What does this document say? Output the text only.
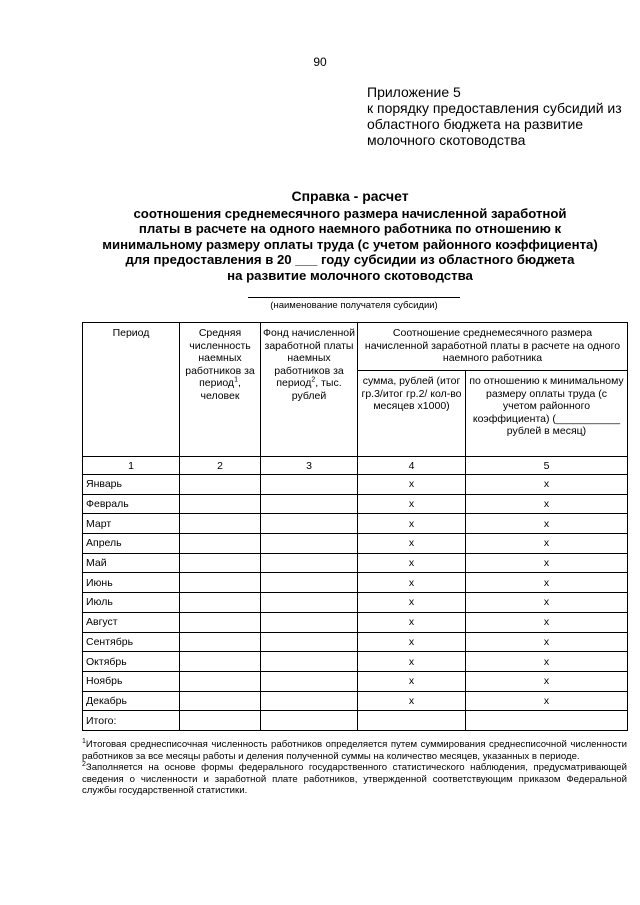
90
Приложение 5
к порядку предоставления субсидий из
областного бюджета на развитие
молочного скотоводства
Справка - расчет
соотношения среднемесячного размера начисленной заработной
платы в расчете на одного наемного работника по отношению к
минимальному размеру оплаты труда (с учетом районного коэффициента)
для предоставления в 20 ___ году субсидии из областного бюджета
на развитие молочного скотоводства
(наименование получателя субсидии)
Период	Средняя численность наемных работников за период$^1$, человек	Фонд начисленной заработной платы наемных работников за период$^2$, тыс. рублей	Соотношение среднемесячного размера начисленной заработной платы в расчете на одного наемного работника	
			сумма, рублей (итог гр.3/итог гр.2/ кол-во месяцев х1000)	по отношению к минимальному размеру оплаты труда (с учетом районного коэффициента) (___________ рублей в месяц)
1	2	3	4	5
Январь			х	х
Февраль			х	х
Март			х	х
Апрель			х	х
Май			х	х
Июнь			х	х
Июль			х	х
Август			х	х
Сентябрь			х	х
Октябрь			х	х
Ноябрь			х	х
Декабрь			х	х
Итого:				

$^1$Итоговая среднесписочная численность работников определяется путем суммирования среднесписочной численности работников за все месяцы работы и деления полученной суммы на количество месяцев, указанных в периоде.

$^2$Заполняется на основе формы федерального государственного статистического наблюдения, предусматривающей сведения о численности и заработной плате работников, утвержденной соответствующим приказом Федеральной службы государственной статистики.
